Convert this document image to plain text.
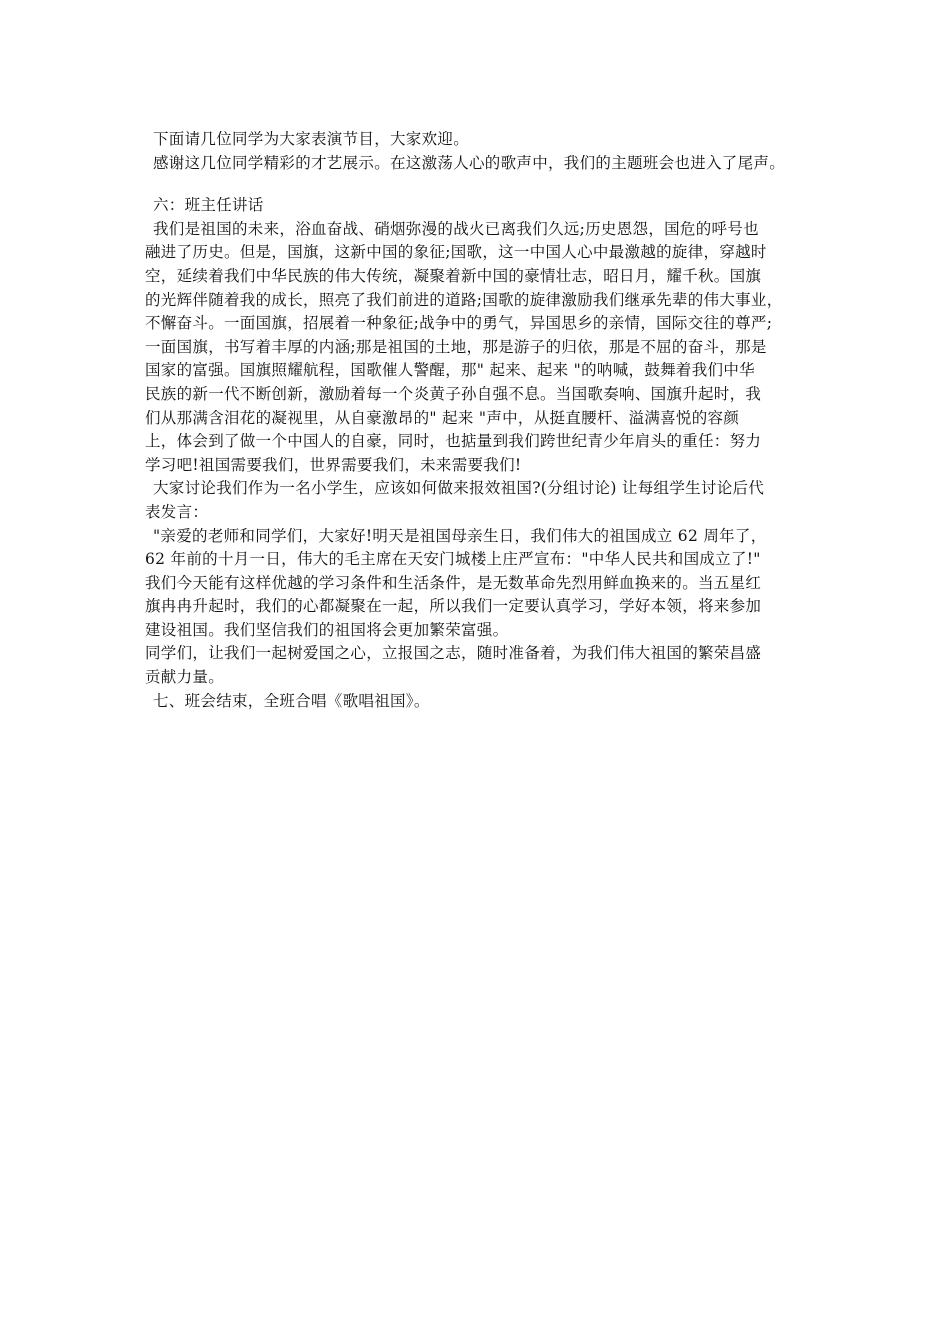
下面请几位同学为大家表演节目，大家欢迎。
感谢这几位同学精彩的才艺展示。在这激荡人心的歌声中，我们的主题班会也进入了尾声。
六：班主任讲话
我们是祖国的未来，浴血奋战、硝烟弥漫的战火已离我们久远;历史恩怨，国危的呼号也
融进了历史。但是，国旗，这新中国的象征;国歌，这一中国人心中最激越的旋律，穿越时
空，延续着我们中华民族的伟大传统，凝聚着新中国的豪情壮志，昭日月，耀千秋。国旗
的光辉伴随着我的成长，照亮了我们前进的道路;国歌的旋律激励我们继承先辈的伟大事业，
不懈奋斗。一面国旗，招展着一种象征;战争中的勇气，异国思乡的亲情，国际交往的尊严;
一面国旗，书写着丰厚的内涵;那是祖国的土地，那是游子的归依，那是不屈的奋斗，那是
国家的富强。国旗照耀航程，国歌催人警醒，那" 起来、起来 "的呐喊，鼓舞着我们中华
民族的新一代不断创新，激励着每一个炎黄子孙自强不息。当国歌奏响、国旗升起时，我
们从那满含泪花的凝视里，从自豪激昂的" 起来 "声中，从挺直腰杆、溢满喜悦的容颜
上，体会到了做一个中国人的自豪，同时，也掂量到我们跨世纪青少年肩头的重任：努力
学习吧!祖国需要我们，世界需要我们，未来需要我们!
大家讨论我们作为一名小学生，应该如何做来报效祖国?(分组讨论) 让每组学生讨论后代
表发言：
"亲爱的老师和同学们，大家好!明天是祖国母亲生日，我们伟大的祖国成立 62 周年了，
62 年前的十月一日，伟大的毛主席在天安门城楼上庄严宣布："中华人民共和国成立了!"
我们今天能有这样优越的学习条件和生活条件，是无数革命先烈用鲜血换来的。当五星红
旗冉冉升起时，我们的心都凝聚在一起，所以我们一定要认真学习，学好本领，将来参加
建设祖国。我们坚信我们的祖国将会更加繁荣富强。
同学们，让我们一起树爱国之心，立报国之志，随时准备着，为我们伟大祖国的繁荣昌盛
贡献力量。
七、班会结束，全班合唱《歌唱祖国》。
